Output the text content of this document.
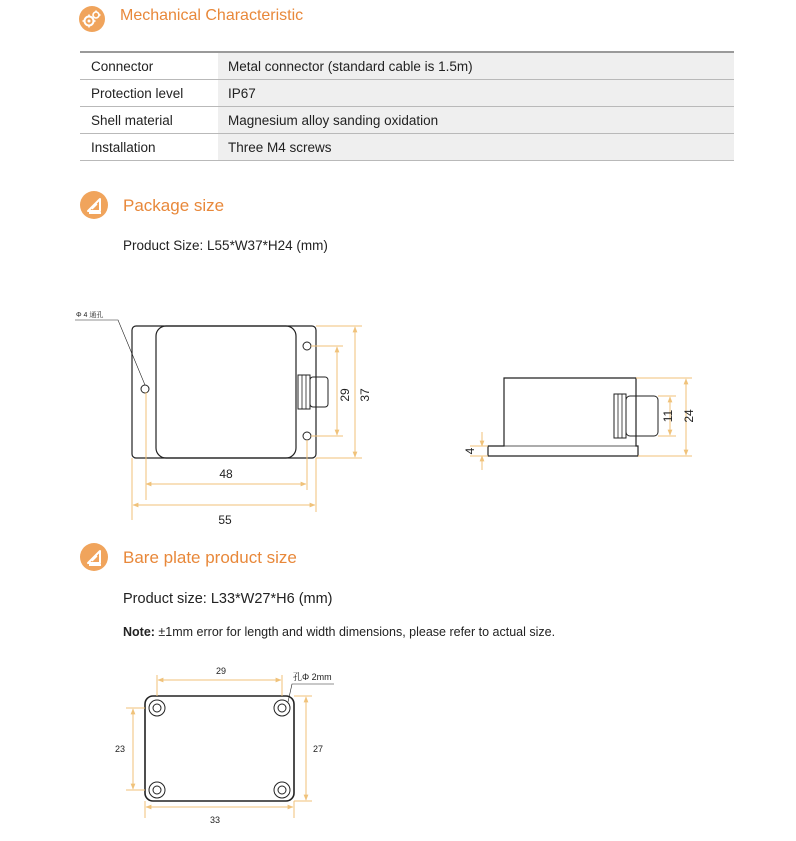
Mechanical Characteristic
Connector	Metal connector (standard cable is 1.5m)
Protection level	IP67
Shell material	Magnesium alloy sanding oxidation
Installation	Three M4 screws
Package size
Product Size: L55*W37*H24 (mm)
Φ 4 通孔
48
55
29 37
4
11 24
Bare plate product size
Product size: L33*W27*H6 (mm)
Note: ±1mm error for length and width dimensions, please refer to actual size.
29
孔Φ 2mm
23	27
33
